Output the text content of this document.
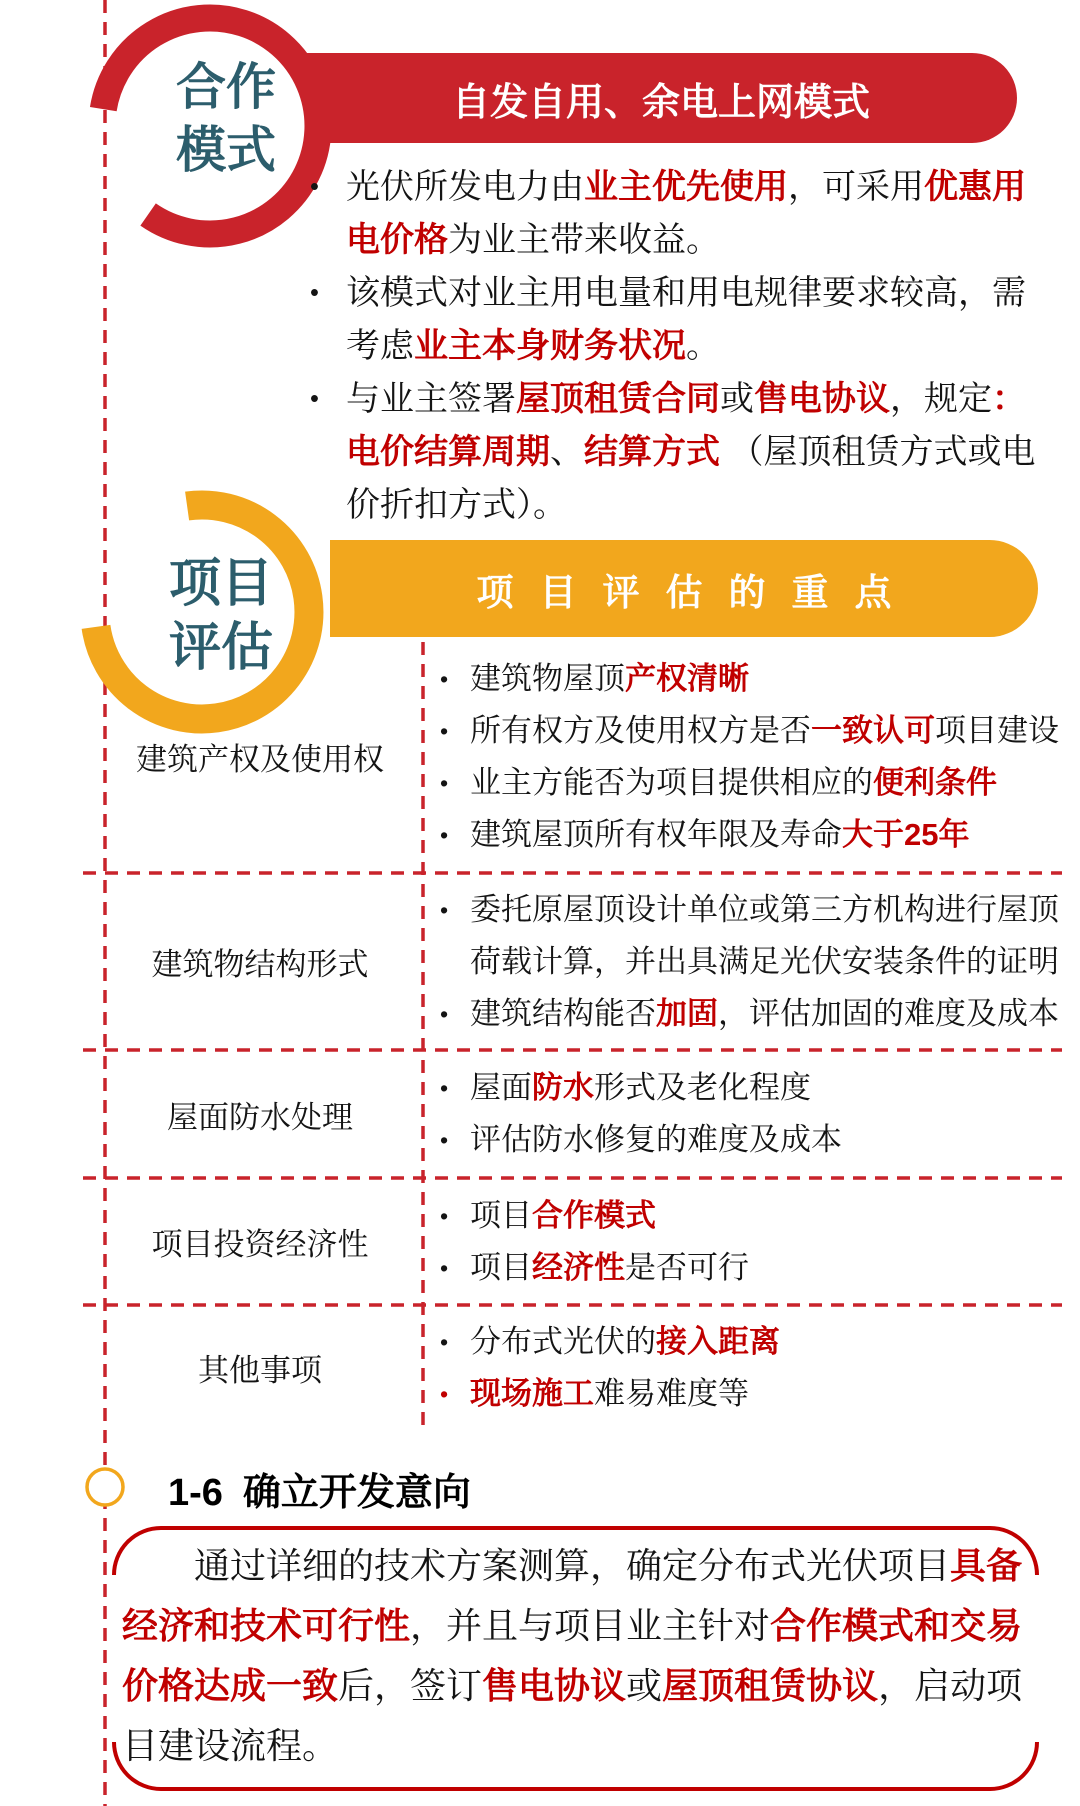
合作
模式
自发自用、余电上网模式
• 光伏所发电力由业主优先使用，可采用优惠用电价格为业主带来收益。
• 该模式对业主用电量和用电规律要求较高，需考虑业主本身财务状况。
• 与业主签署屋顶租赁合同或售电协议，规定：电价结算周期、结算方式 （屋顶租赁方式或电价折扣方式）。
项目
评估
项目评估的重点
建筑产权及使用权
• 建筑物屋顶产权清晰
• 所有权方及使用权方是否一致认可项目建设
• 业主方能否为项目提供相应的便利条件
• 建筑屋顶所有权年限及寿命大于25年
建筑物结构形式
• 委托原屋顶设计单位或第三方机构进行屋顶荷载计算，并出具满足光伏安装条件的证明
• 建筑结构能否加固，评估加固的难度及成本
屋面防水处理
• 屋面防水形式及老化程度
• 评估防水修复的难度及成本
项目投资经济性
• 项目合作模式
• 项目经济性是否可行
其他事项
• 分布式光伏的接入距离
• 现场施工难易难度等
1-6 确立开发意向
通过详细的技术方案测算，确定分布式光伏项目具备经济和技术可行性，并且与项目业主针对合作模式和交易价格达成一致后，签订售电协议或屋顶租赁协议，启动项目建设流程。
